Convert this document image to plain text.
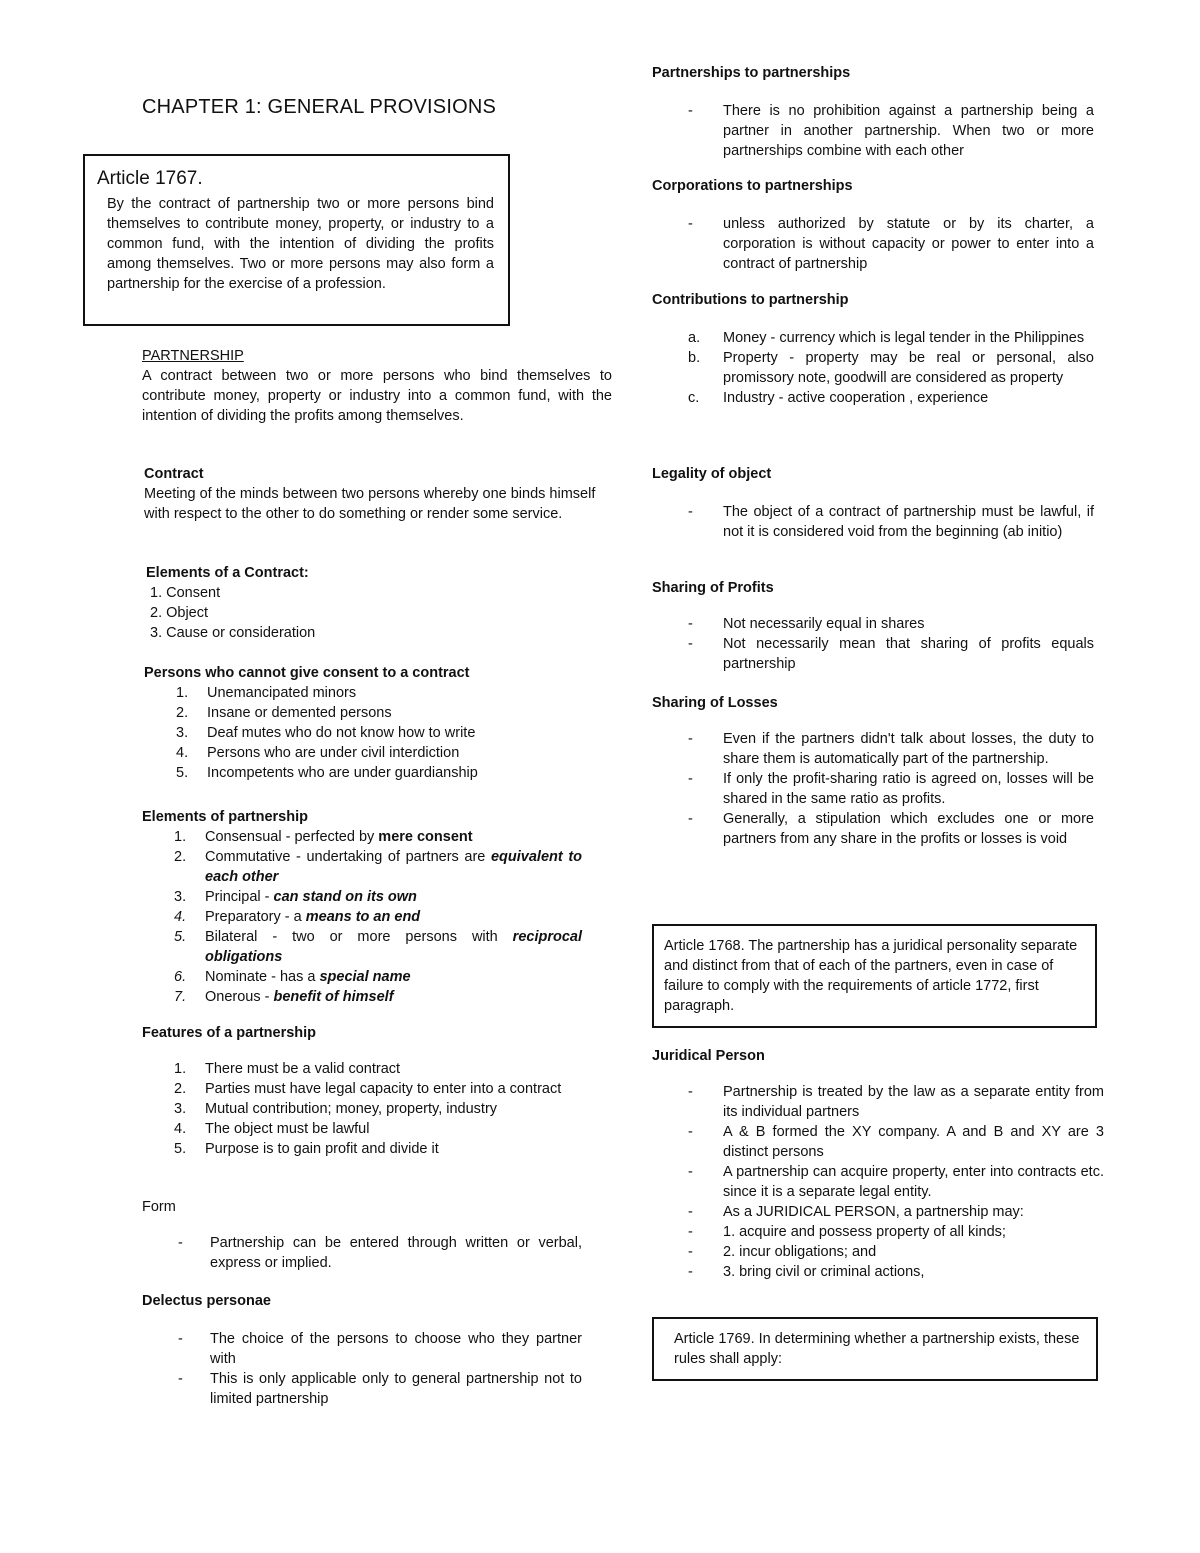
CHAPTER 1: GENERAL PROVISIONS
Article 1767.
By the contract of partnership two or more persons bind themselves to contribute money, property, or industry to a common fund, with the intention of dividing the profits among themselves. Two or more persons may also form a partnership for the exercise of a profession.
PARTNERSHIP
A contract between two or more persons who bind themselves to contribute money, property or industry into a common fund, with the intention of dividing the profits among themselves.
Contract
Meeting of the minds between two persons whereby one binds himself with respect to the other to do something or render some service.
Elements of a Contract:
1. Consent
2. Object
3. Cause or consideration
Persons who cannot give consent to a contract
1.	Unemancipated minors
2.	Insane or demented persons
3.	Deaf mutes who do not know how to write
4.	Persons who are under civil interdiction
5.	Incompetents who are under guardianship
Elements of partnership
1.	Consensual - perfected by mere consent
2.	Commutative - undertaking of partners are equivalent to each other
3.	Principal - can stand on its own
4.	Preparatory - a means to an end
5.	Bilateral - two or more persons with reciprocal obligations
6.	Nominate - has a special name
7.	Onerous - benefit of himself
Features of a partnership
1.	There must be a valid contract
2.	Parties must have legal capacity to enter into a contract
3.	Mutual contribution; money, property, industry
4.	The object must be lawful
5.	Purpose is to gain profit and divide it
Form
-	Partnership can be entered through written or verbal, express or implied.
Delectus personae
-	The choice of the persons to choose who they partner with
-	This is only applicable only to general partnership not to limited partnership
Partnerships to partnerships
-	There is no prohibition against a partnership being a partner in another partnership. When two or more partnerships combine with each other
Corporations to partnerships
-	unless authorized by statute or by its charter, a corporation is without capacity or power to enter into a contract of partnership
Contributions to partnership
a.	Money - currency which is legal tender in the Philippines
b.	Property - property may be real or personal, also promissory note, goodwill are considered as property
c.	Industry - active cooperation , experience
Legality of object
-	The object of a contract of partnership must be lawful, if not it is considered void from the beginning (ab initio)
Sharing of Profits
-	Not necessarily equal in shares
-	Not necessarily mean that sharing of profits equals partnership
Sharing of Losses
-	Even if the partners didn't talk about losses, the duty to share them is automatically part of the partnership.
-	If only the profit-sharing ratio is agreed on, losses will be shared in the same ratio as profits.
-	Generally, a stipulation which excludes one or more partners from any share in the profits or losses is void
Article 1768. The partnership has a juridical personality separate and distinct from that of each of the partners, even in case of failure to comply with the requirements of article 1772, first paragraph.
Juridical Person
-	Partnership is treated by the law as a separate entity from its individual partners
-	A & B formed the XY company. A and B and XY are 3 distinct persons
-	A partnership can acquire property, enter into contracts etc. since it is a separate legal entity.
-	As a JURIDICAL PERSON, a partnership may:
-	1. acquire and possess property of all kinds;
-	2. incur obligations; and
-	3. bring civil or criminal actions,
Article 1769. In determining whether a partnership exists, these rules shall apply:
